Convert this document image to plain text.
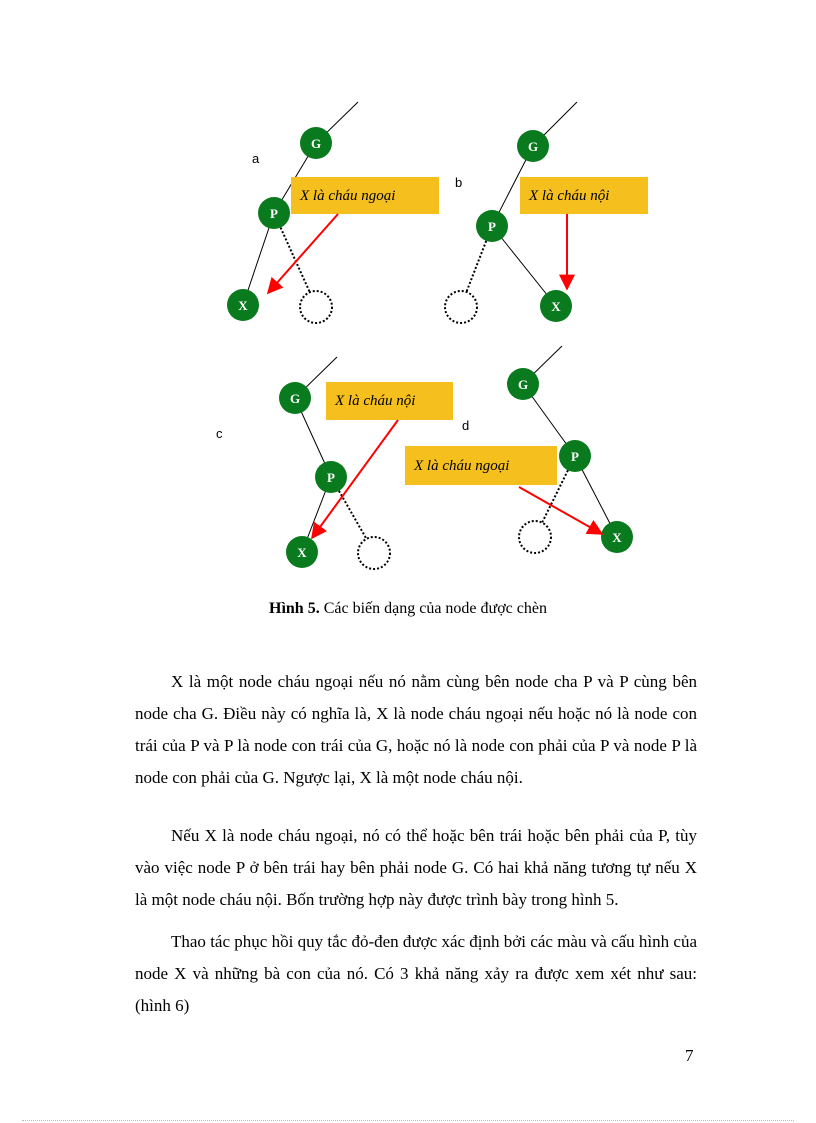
a
G
P
X
X là cháu ngoại
b
G
P
X
X là cháu nội
c
G
P
X
X là cháu nội
d
G
P
X
X là cháu ngoại
Hình 5. Các biến dạng của node được chèn

X là một node cháu ngoại nếu nó nằm cùng bên node cha P và P cùng bên node cha G. Điều này có nghĩa là, X là node cháu ngoại nếu hoặc nó là node con trái của P và P là node con trái của G, hoặc nó là node con phải của P và node P là node con phải của G. Ngược lại, X là một node cháu nội.

Nếu X là node cháu ngoại, nó có thể hoặc bên trái hoặc bên phải của P, tùy vào việc node P ở bên trái hay bên phải node G. Có hai khả năng tương tự nếu X là một node cháu nội. Bốn trường hợp này được trình bày trong hình 5.

Thao tác phục hồi quy tắc đỏ-đen được xác định bởi các màu và cấu hình của node X và những bà con của nó. Có 3 khả năng xảy ra được xem xét như sau:(hình 6)

7
